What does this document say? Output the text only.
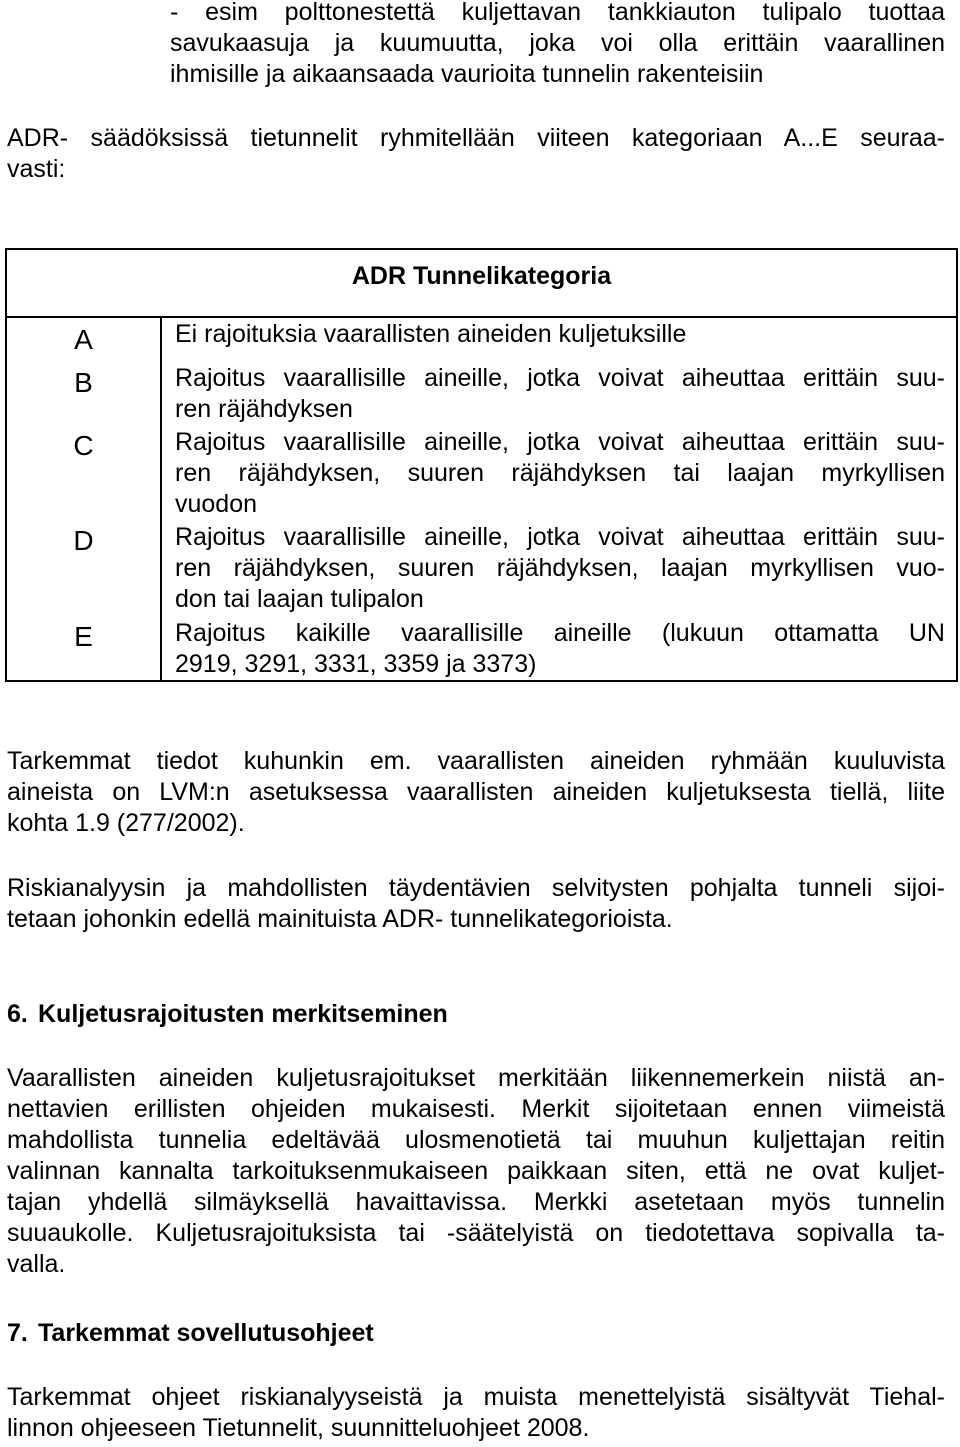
- esim polttonestettä kuljettavan tankkiauton tulipalo tuottaa
savukaasuja ja kuumuutta, joka voi olla erittäin vaarallinen
ihmisille ja aikaansaada vaurioita tunnelin rakenteisiin
ADR- säädöksissä tietunnelit ryhmitellään viiteen kategoriaan A...E seuraa-
vasti:
ADR Tunnelikategoria
A
B
C
D
E
Ei rajoituksia vaarallisten aineiden kuljetuksille
Rajoitus vaarallisille aineille, jotka voivat aiheuttaa erittäin suu-
ren räjähdyksen
Rajoitus vaarallisille aineille, jotka voivat aiheuttaa erittäin suu-
ren räjähdyksen, suuren räjähdyksen tai laajan myrkyllisen
vuodon
Rajoitus vaarallisille aineille, jotka voivat aiheuttaa erittäin suu-
ren räjähdyksen, suuren räjähdyksen, laajan myrkyllisen vuo-
don tai laajan tulipalon
Rajoitus kaikille vaarallisille aineille (lukuun ottamatta UN
2919, 3291, 3331, 3359 ja 3373)
Tarkemmat tiedot kuhunkin em. vaarallisten aineiden ryhmään kuuluvista
aineista on LVM:n asetuksessa vaarallisten aineiden kuljetuksesta tiellä, liite
kohta 1.9 (277/2002).
Riskianalyysin ja mahdollisten täydentävien selvitysten pohjalta tunneli sijoi-
tetaan johonkin edellä mainituista ADR- tunnelikategorioista.
6. Kuljetusrajoitusten merkitseminen
Vaarallisten aineiden kuljetusrajoitukset merkitään liikennemerkein niistä an-
nettavien erillisten ohjeiden mukaisesti. Merkit sijoitetaan ennen viimeistä
mahdollista tunnelia edeltävää ulosmenotietä tai muuhun kuljettajan reitin
valinnan kannalta tarkoituksenmukaiseen paikkaan siten, että ne ovat kuljet-
tajan yhdellä silmäyksellä havaittavissa. Merkki asetetaan myös tunnelin
suuaukolle. Kuljetusrajoituksista tai -säätelyistä on tiedotettava sopivalla ta-
valla.
7. Tarkemmat sovellutusohjeet
Tarkemmat ohjeet riskianalyyseistä ja muista menettelyistä sisältyvät Tiehal-
linnon ohjeeseen Tietunnelit, suunnitteluohjeet 2008.
